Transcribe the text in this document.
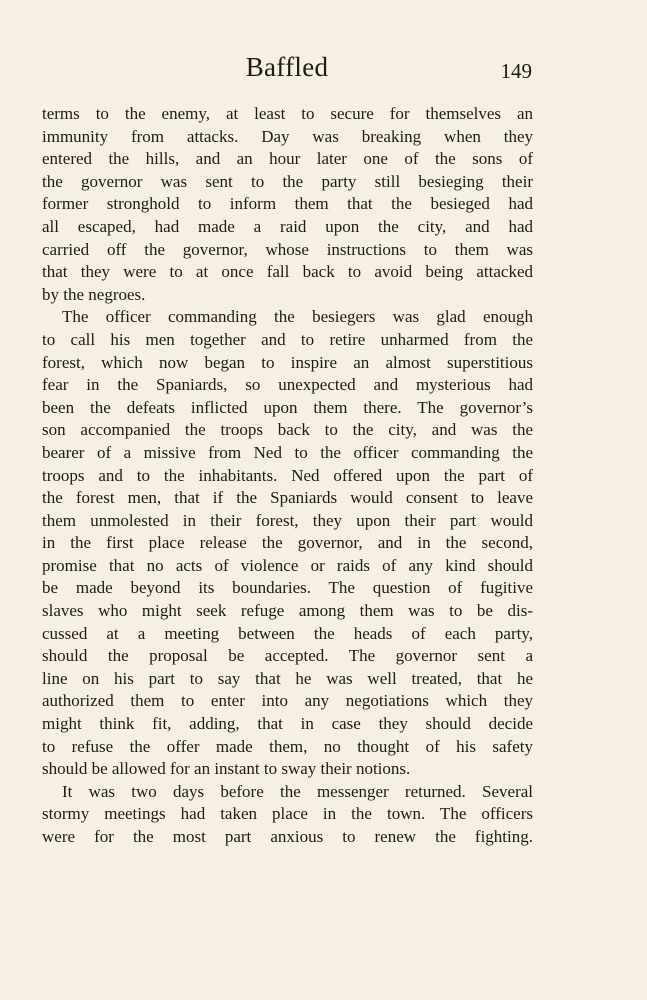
Baffled	149
terms to the enemy, at least to secure for themselves an
immunity from attacks. Day was breaking when they
entered the hills, and an hour later one of the sons of
the governor was sent to the party still besieging their
former stronghold to inform them that the besieged had
all escaped, had made a raid upon the city, and had
carried off the governor, whose instructions to them was
that they were to at once fall back to avoid being attacked
by the negroes.
The officer commanding the besiegers was glad enough
to call his men together and to retire unharmed from the
forest, which now began to inspire an almost superstitious
fear in the Spaniards, so unexpected and mysterious had
been the defeats inflicted upon them there. The governor’s
son accompanied the troops back to the city, and was the
bearer of a missive from Ned to the officer commanding the
troops and to the inhabitants. Ned offered upon the part of
the forest men, that if the Spaniards would consent to leave
them unmolested in their forest, they upon their part would
in the first place release the governor, and in the second,
promise that no acts of violence or raids of any kind should
be made beyond its boundaries. The question of fugitive
slaves who might seek refuge among them was to be dis-
cussed at a meeting between the heads of each party,
should the proposal be accepted. The governor sent a
line on his part to say that he was well treated, that he
authorized them to enter into any negotiations which they
might think fit, adding, that in case they should decide
to refuse the offer made them, no thought of his safety
should be allowed for an instant to sway their notions.
It was two days before the messenger returned. Several
stormy meetings had taken place in the town. The officers
were for the most part anxious to renew the fighting.
